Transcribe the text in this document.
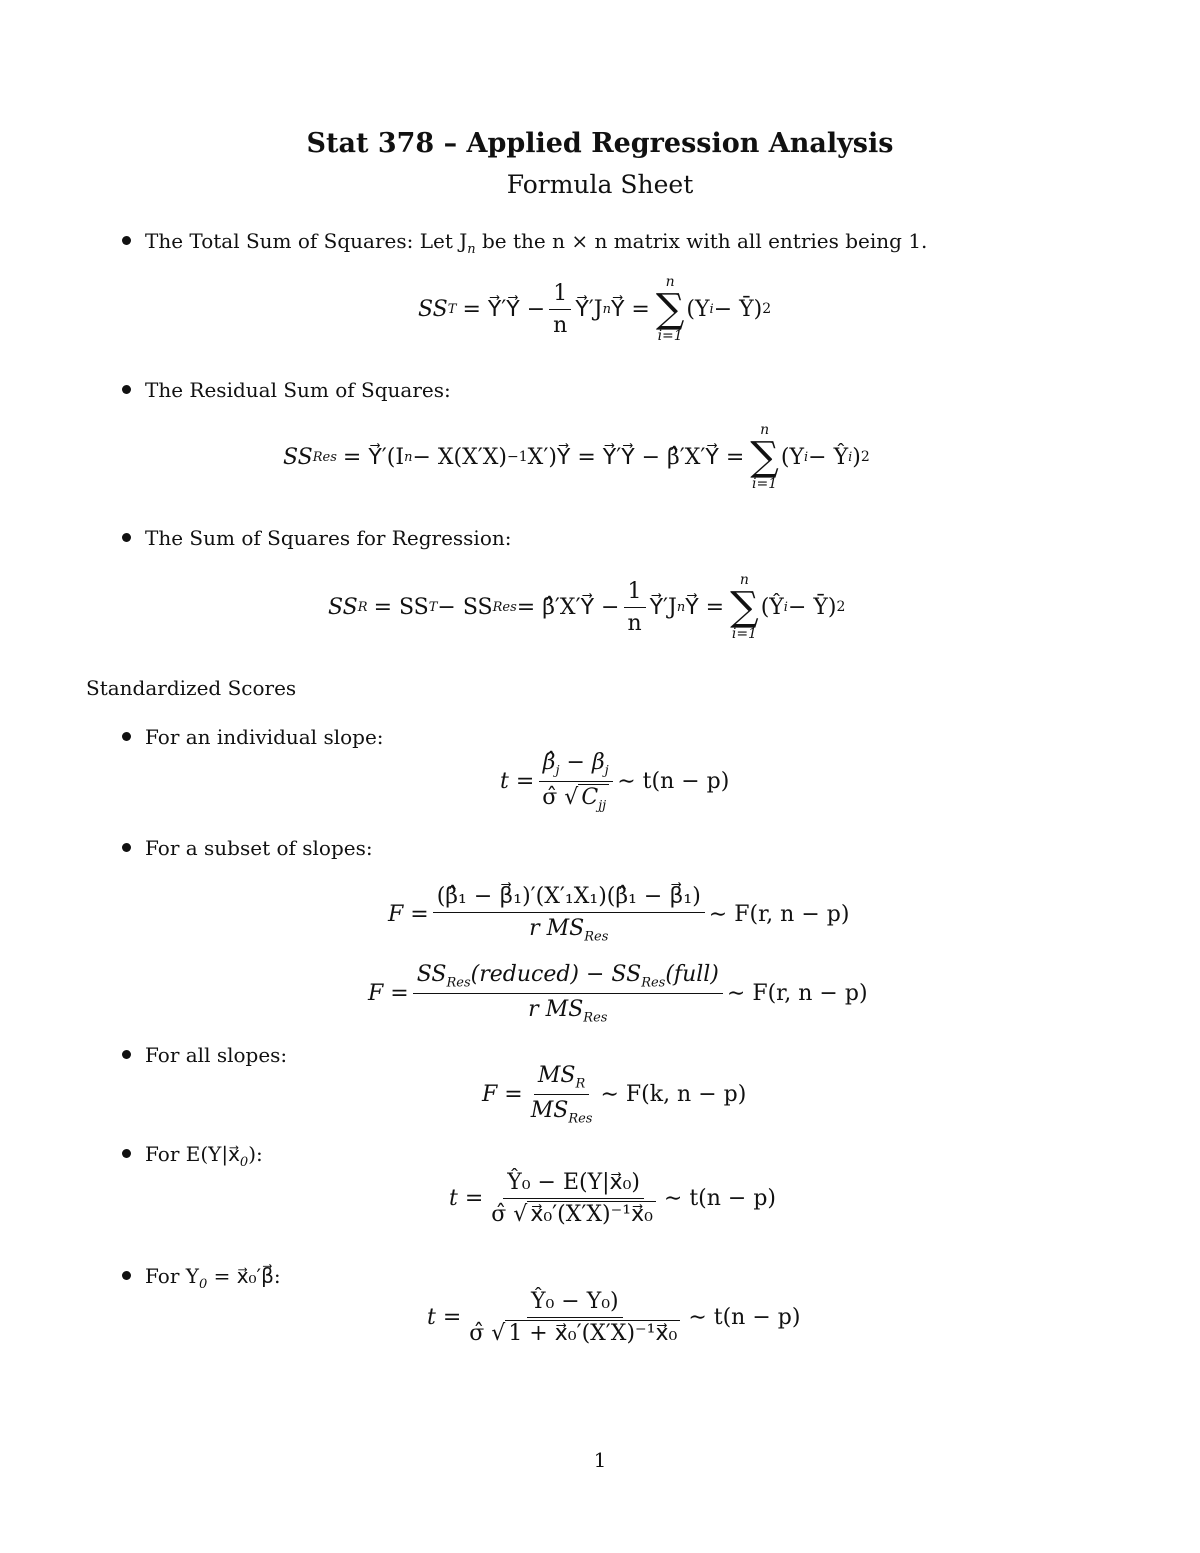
Stat 378 – Applied Regression Analysis
Formula Sheet
The Total Sum of Squares: Let $J_n$ be the n × n matrix with all entries being 1.
SS T = Y⃗′Y⃗ − $\frac{1}{n}$ Y⃗′J n Y⃗ =
n
∑
i=1
(Y i − Ȳ) 2
The Residual Sum of Squares:
SS Res = Y⃗′(I n − X(X′X) −1 X′)Y⃗ = Y⃗′Y⃗ − β̂′X′Y⃗ =
n
∑
i=1
(Y i − Ŷ i ) 2
The Sum of Squares for Regression:
SS R = SS T − SS Res = β̂′X′Y⃗ − $\frac{1}{n}$ Y⃗′J n Y⃗ =
n
∑
i=1
(Ŷ i − Ȳ) 2
Standardized Scores
For an individual slope:
$t = \frac{\betâ_j - \beta_j}{\sigmâ √ C_{jj}}$ ∼ t(n − p)
For a subset of slopes:
$F = \frac{\text{(β̂₁ − β⃗₁)′(X′₁X₁)(β̂₁ − β⃗₁)}}{r MS_{Res}}$ ∼ F(r, n − p)
$F = \frac{SS_{Res}(reduced) - SS_{Res}(full)}{r MS_{Res}}$ ∼ F(r, n − p)
For all slopes:
$F = \frac{MS_R}{MS_{Res}}$ ∼ F(k, n − p)
For $E(Y|x⃗_0)$:
$t = \frac{\text{Ŷ₀ − E(Y|x⃗₀)}}{\text{σ̂ √ x⃗₀′(X′X)⁻¹x⃗₀}}$ ∼ t(n − p)
For $Y_0$ = x⃗₀′β⃗:
$t = \frac{\text{Ŷ₀ − Y₀)}}{\text{σ̂ √ 1 + x⃗₀′(X′X)⁻¹x⃗₀}}$ ∼ t(n − p)
1
